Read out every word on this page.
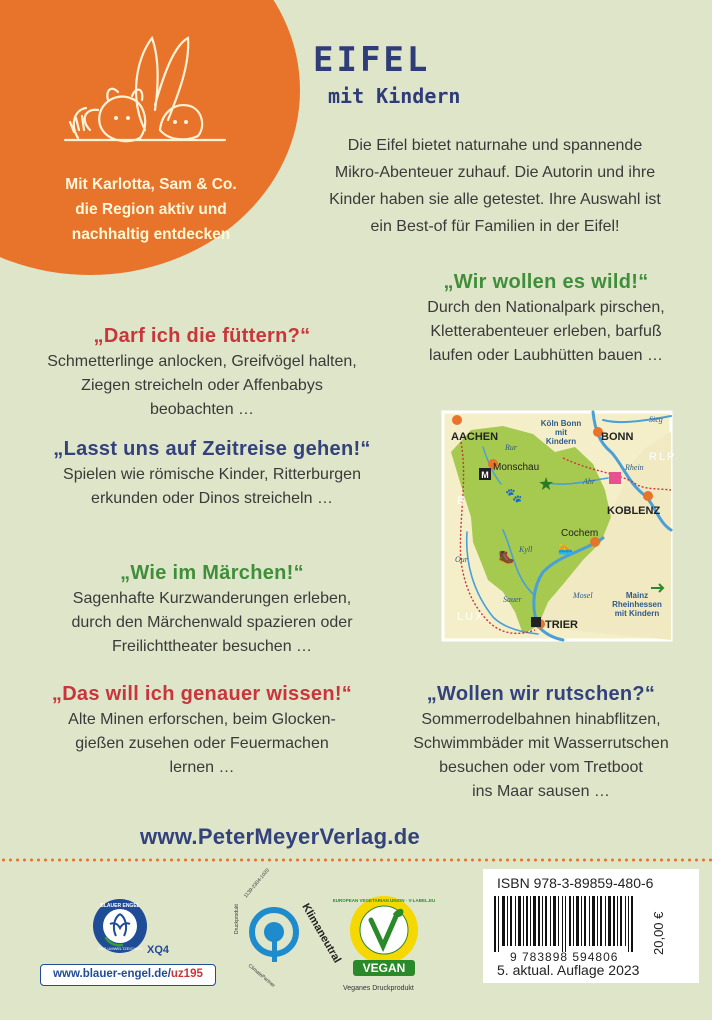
Mit Karlotta, Sam & Co.
die Region aktiv und
nachhaltig entdecken
EIFEL
mit Kindern
Die Eifel bietet naturnahe und spannende
Mikro-Abenteuer zuhauf. Die Autorin und ihre
Kinder haben sie alle getestet. Ihre Auswahl ist
ein Best-of für Familien in der Eifel!
„Wir wollen es wild!“
Durch den Nationalpark pirschen,
Kletterabenteuer erleben, barfuß
laufen oder Laubhütten bauen …
„Darf ich die füttern?“
Schmetterlinge anlocken, Greifvögel halten,
Ziegen streicheln oder Affenbabys
beobachten …
„Lasst uns auf Zeitreise gehen!“
Spielen wie römische Kinder, Ritterburgen
erkunden oder Dinos streicheln …
„Wie im Märchen!“
Sagenhafte Kurzwanderungen erleben,
durch den Märchenwald spazieren oder
Freilichttheater besuchen …
„Das will ich genauer wissen!“
Alte Minen erforschen, beim Glocken-
gießen zusehen oder Feuermachen
lernen …
„Wollen wir rutschen?“
Sommerrodelbahnen hinabflitzen,
Schwimmbäder mit Wasserrutschen
besuchen oder vom Tretboot
ins Maar sausen …
M	★
🐾
🏊
🥾
AACHEN	BONN
KOBLENZ
TRIER
Monschau
Cochem
Köln Bonn
mit
Kindern
Mainz
Rheinhessen
mit Kindern
RLP
B
LUX
Rhein
Ahr
Sieg
Mosel
Kyll
Our
Sauer
Rur
www.PeterMeyerVerlag.de
BLAUER ENGEL
DAS UMWELTZEICHEN XQ4
www.blauer-engel.de/uz195
Klimaneutral
1139-2304-1020
Druckprodukt
ClimatePartner
EUROPEAN VEGETARIAN UNION · V-LABEL.EU
VEGAN
Veganes Druckprodukt
ISBN 978-3-89859-480-6
9 783898 594806
20,00 €
5. aktual. Auflage 2023
